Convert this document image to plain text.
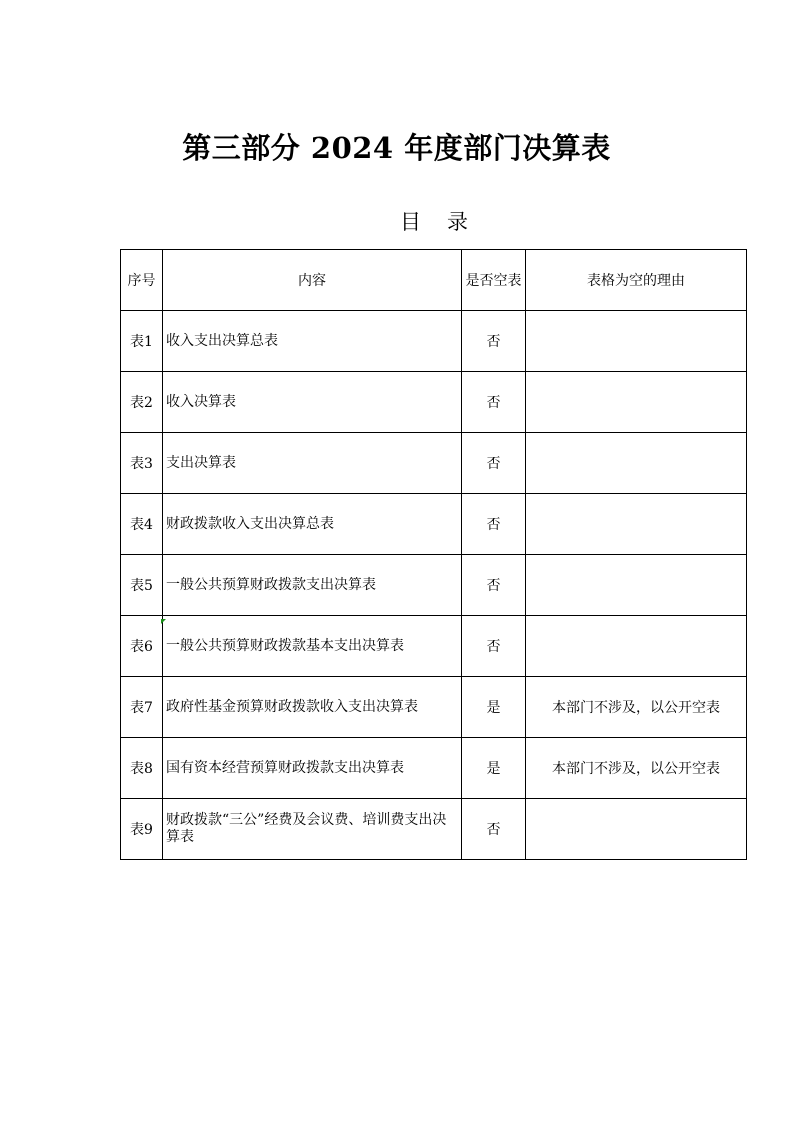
第三部分 2024 年度部门决算表
目 录
序号	内容	是否空表	表格为空的理由
表1	收入支出决算总表	否	
表2	收入决算表	否	
表3	支出决算表	否	
表4	财政拨款收入支出决算总表	否	
表5	一般公共预算财政拨款支出决算表	否	
表6	一般公共预算财政拨款基本支出决算表	否	
表7	政府性基金预算财政拨款收入支出决算表	是	本部门不涉及，以公开空表
表8	国有资本经营预算财政拨款支出决算表	是	本部门不涉及，以公开空表
表9	财政拨款“三公”经费及会议费、培训费支出决算表	否	
